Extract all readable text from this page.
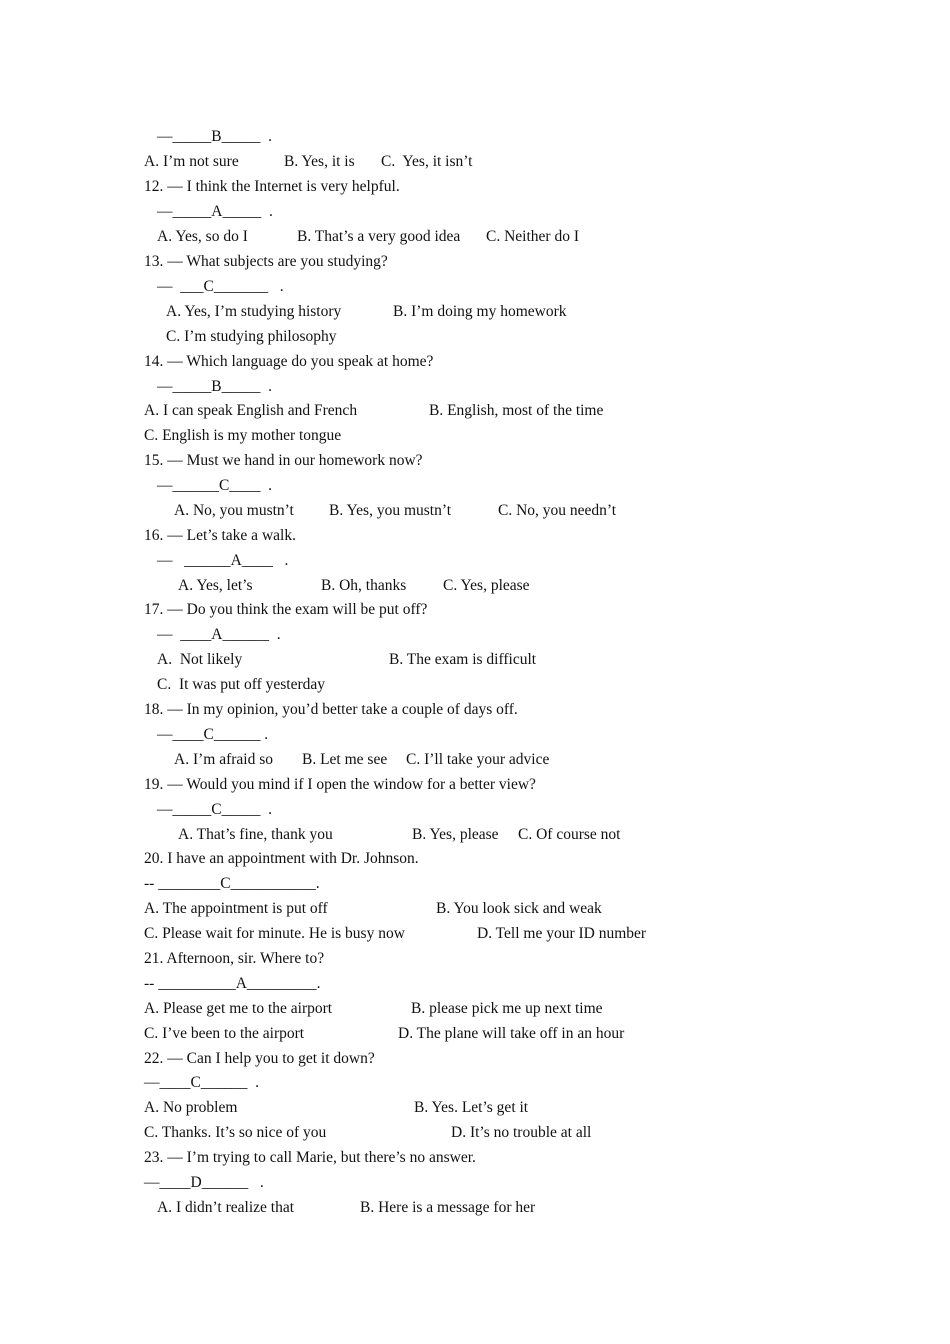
—_____B_____  .
A. I’m not sure	B. Yes, it is C.  Yes, it isn’t
12. — I think the Internet is very helpful.
—_____A_____  .
A. Yes, so do I	B. That’s a very good idea C. Neither do I
13. — What subjects are you studying?
—  ___C_______   .
A. Yes, I’m studying history	B. I’m doing my homework
C. I’m studying philosophy
14. — Which language do you speak at home?
—_____B_____  .
A. I can speak English and French	B. English, most of the time
C. English is my mother tongue
15. — Must we hand in our homework now?
—______C____  .
A. No, you mustn’t B. Yes, you mustn’t	C. No, you needn’t
16. — Let’s take a walk.
—   ______A____   .
A. Yes, let’s	B. Oh, thanks C. Yes, please
17. — Do you think the exam will be put off?
—  ____A______  .
A.  Not likely	B. The exam is difficult
C.  It was put off yesterday
18. — In my opinion, you’d better take a couple of days off.
—____C______ .
A. I’m afraid so B. Let me see C. I’ll take your advice
19. — Would you mind if I open the window for a better view?
—_____C_____  .
A. That’s fine, thank you	B. Yes, please C. Of course not
20. I have an appointment with Dr. Johnson.
-- ________C___________.
A. The appointment is put off	B. You look sick and weak
C. Please wait for minute. He is busy now	D. Tell me your ID number
21. Afternoon, sir. Where to?
-- __________A_________.
A. Please get me to the airport	B. please pick me up next time
C. I’ve been to the airport	D. The plane will take off in an hour
22. — Can I help you to get it down?
—____C______  .
A. No problem	B. Yes. Let’s get it
C. Thanks. It’s so nice of you	D. It’s no trouble at all
23. — I’m trying to call Marie, but there’s no answer.
—____D______   .
A. I didn’t realize that	B. Here is a message for her
